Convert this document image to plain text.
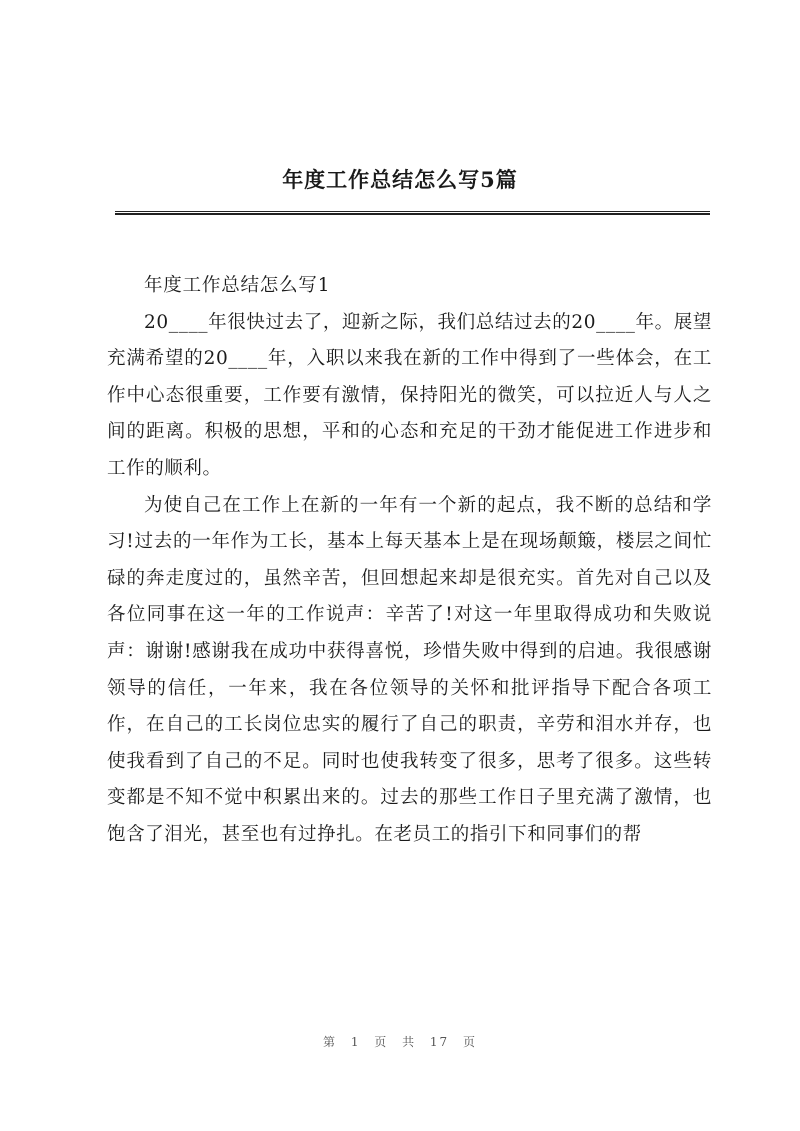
年度工作总结怎么写5篇

年度工作总结怎么写1

20____年很快过去了，迎新之际，我们总结过去的20____年。展望充满希望的20____年，入职以来我在新的工作中得到了一些体会，在工作中心态很重要，工作要有激情，保持阳光的微笑，可以拉近人与人之间的距离。积极的思想，平和的心态和充足的干劲才能促进工作进步和工作的顺利。

为使自己在工作上在新的一年有一个新的起点，我不断的总结和学习!过去的一年作为工长，基本上每天基本上是在现场颠簸，楼层之间忙碌的奔走度过的，虽然辛苦，但回想起来却是很充实。首先对自己以及各位同事在这一年的工作说声：辛苦了!对这一年里取得成功和失败说声：谢谢!感谢我在成功中获得喜悦，珍惜失败中得到的启迪。我很感谢领导的信任，一年来，我在各位领导的关怀和批评指导下配合各项工作，在自己的工长岗位忠实的履行了自己的职责，辛劳和泪水并存，也使我看到了自己的不足。同时也使我转变了很多，思考了很多。这些转变都是不知不觉中积累出来的。过去的那些工作日子里充满了激情，也饱含了泪光，甚至也有过挣扎。在老员工的指引下和同事们的帮

第 1 页 共 17 页
